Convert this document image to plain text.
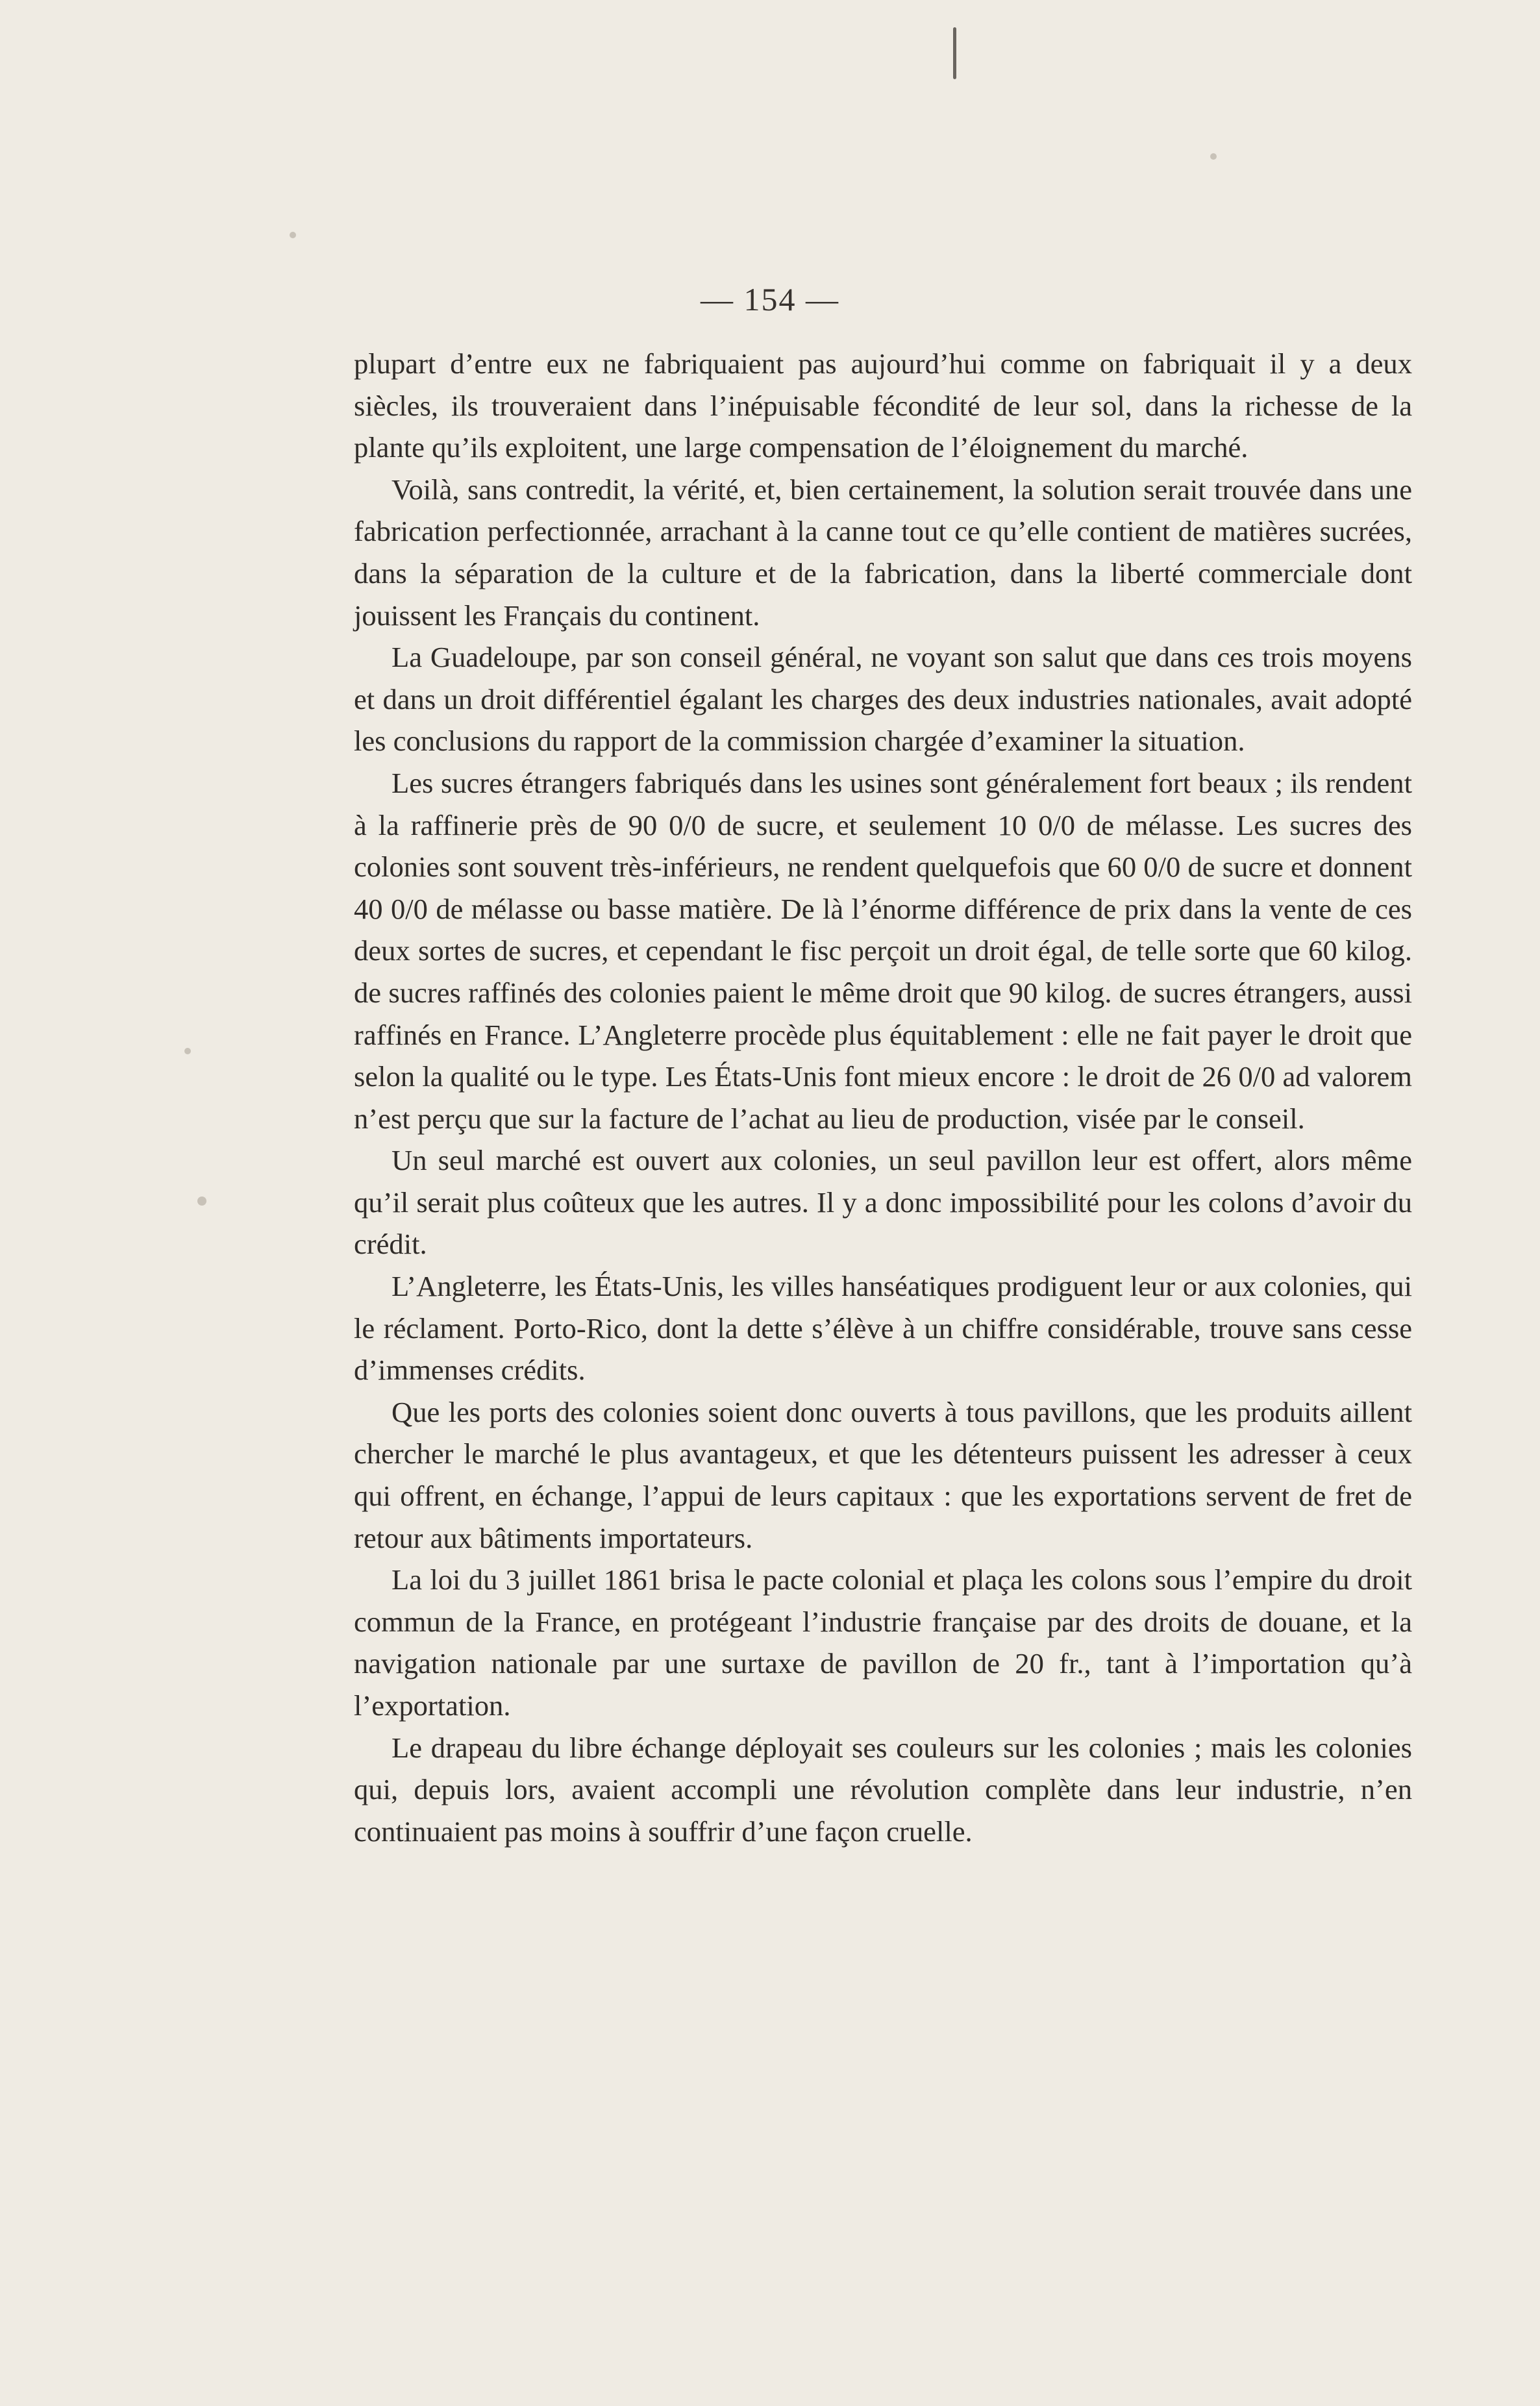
— 154 —

plupart d’entre eux ne fabriquaient pas aujourd’hui comme on fabriquait il y a deux siècles, ils trouveraient dans l’inépuisable fécondité de leur sol, dans la richesse de la plante qu’ils exploitent, une large compensation de l’éloignement du marché.

Voilà, sans contredit, la vérité, et, bien certainement, la solution serait trouvée dans une fabrication perfectionnée, arrachant à la canne tout ce qu’elle contient de matières sucrées, dans la séparation de la culture et de la fabrication, dans la liberté commerciale dont jouissent les Français du continent.

La Guadeloupe, par son conseil général, ne voyant son salut que dans ces trois moyens et dans un droit différentiel égalant les charges des deux industries nationales, avait adopté les conclusions du rapport de la commission chargée d’examiner la situation.

Les sucres étrangers fabriqués dans les usines sont généralement fort beaux ; ils rendent à la raffinerie près de 90 0/0 de sucre, et seulement 10 0/0 de mélasse. Les sucres des colonies sont souvent très-inférieurs, ne rendent quelquefois que 60 0/0 de sucre et donnent 40 0/0 de mélasse ou basse matière. De là l’énorme différence de prix dans la vente de ces deux sortes de sucres, et cependant le fisc perçoit un droit égal, de telle sorte que 60 kilog. de sucres raffinés des colonies paient le même droit que 90 kilog. de sucres étrangers, aussi raffinés en France. L’Angleterre procède plus équitablement : elle ne fait payer le droit que selon la qualité ou le type. Les États-Unis font mieux encore : le droit de 26 0/0 ad valorem n’est perçu que sur la facture de l’achat au lieu de production, visée par le conseil.

Un seul marché est ouvert aux colonies, un seul pavillon leur est offert, alors même qu’il serait plus coûteux que les autres. Il y a donc impossibilité pour les colons d’avoir du crédit.

L’Angleterre, les États-Unis, les villes hanséatiques prodiguent leur or aux colonies, qui le réclament. Porto-Rico, dont la dette s’élève à un chiffre considérable, trouve sans cesse d’immenses crédits.

Que les ports des colonies soient donc ouverts à tous pavillons, que les produits aillent chercher le marché le plus avantageux, et que les détenteurs puissent les adresser à ceux qui offrent, en échange, l’appui de leurs capitaux : que les exportations servent de fret de retour aux bâtiments importateurs.

La loi du 3 juillet 1861 brisa le pacte colonial et plaça les colons sous l’empire du droit commun de la France, en protégeant l’industrie française par des droits de douane, et la navigation nationale par une surtaxe de pavillon de 20 fr., tant à l’importation qu’à l’exportation.

Le drapeau du libre échange déployait ses couleurs sur les colonies ; mais les colonies qui, depuis lors, avaient accompli une révolution complète dans leur industrie, n’en continuaient pas moins à souffrir d’une façon cruelle.
